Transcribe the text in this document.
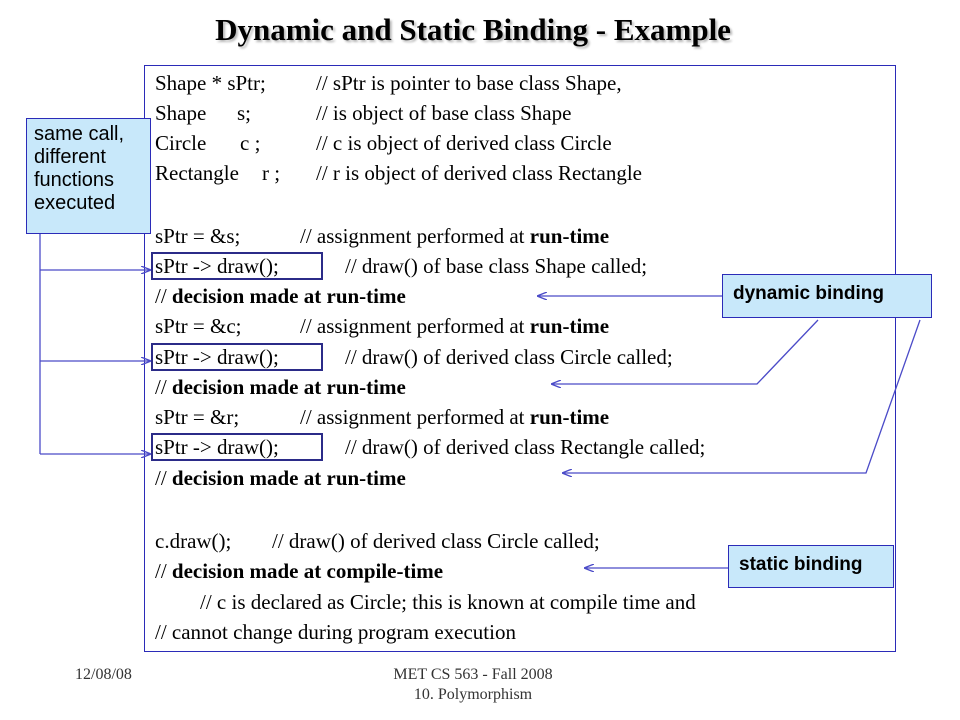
Dynamic and Static Binding - Example
Shape * sPtr; // sPtr is pointer to base class Shape,
Shape s;	// is object of base class Shape
Circle c ;	// c is object of derived class Circle
Rectangle r ; // r is object of derived class Rectangle
sPtr = &s;	// assignment performed at run-time
sPtr -> draw();	// draw() of base class Shape called;
// decision made at run-time
sPtr = &c;	// assignment performed at run-time
sPtr -> draw();	// draw() of derived class Circle called;
// decision made at run-time
sPtr = &r;	// assignment performed at run-time
sPtr -> draw();	// draw() of derived class Rectangle called;
// decision made at run-time
c.draw(); // draw() of derived class Circle called;
// decision made at compile-time
// c is declared as Circle; this is known at compile time and
// cannot change during program execution
same call,
different
functions
executed
dynamic binding
static binding
12/08/08	MET CS 563 - Fall 2008
10. Polymorphism
